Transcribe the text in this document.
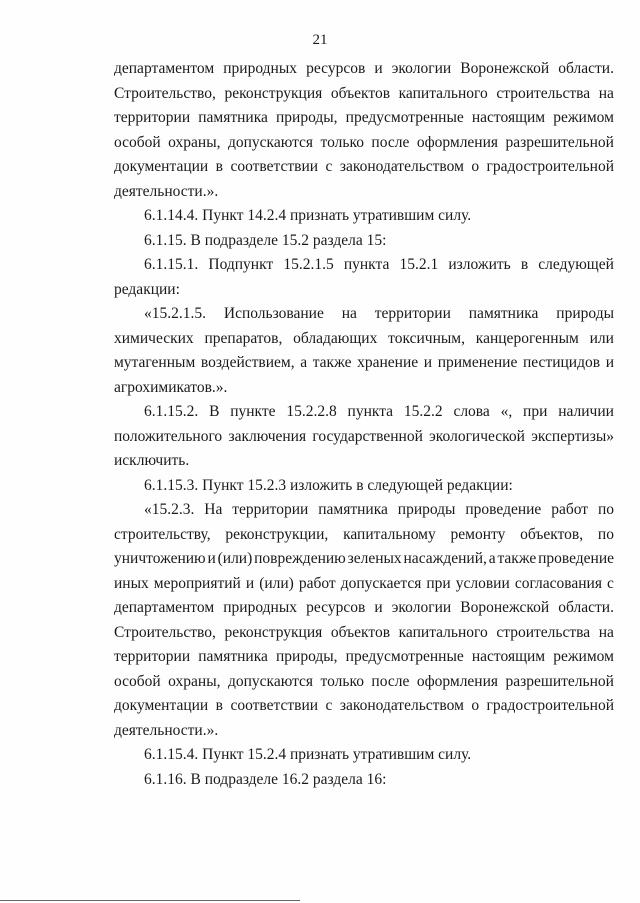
21
департаментом природных ресурсов и экологии Воронежской области.
Строительство, реконструкция объектов капитального строительства на
территории памятника природы, предусмотренные настоящим режимом
особой охраны, допускаются только после оформления разрешительной
документации в соответствии с законодательством о градостроительной
деятельности.».
6.1.14.4. Пункт 14.2.4 признать утратившим силу.
6.1.15. В подразделе 15.2 раздела 15:
6.1.15.1. Подпункт 15.2.1.5 пункта 15.2.1 изложить в следующей
редакции:
«15.2.1.5. Использование на территории памятника природы
химических препаратов, обладающих токсичным, канцерогенным или
мутагенным воздействием, а также хранение и применение пестицидов и
агрохимикатов.».
6.1.15.2. В пункте 15.2.2.8 пункта 15.2.2 слова «, при наличии
положительного заключения государственной экологической экспертизы»
исключить.
6.1.15.3. Пункт 15.2.3 изложить в следующей редакции:
«15.2.3. На территории памятника природы проведение работ по
строительству, реконструкции, капитальному ремонту объектов, по
уничтожению и (или) повреждению зеленых насаждений, а также проведение
иных мероприятий и (или) работ допускается при условии согласования с
департаментом природных ресурсов и экологии Воронежской области.
Строительство, реконструкция объектов капитального строительства на
территории памятника природы, предусмотренные настоящим режимом
особой охраны, допускаются только после оформления разрешительной
документации в соответствии с законодательством о градостроительной
деятельности.».
6.1.15.4. Пункт 15.2.4 признать утратившим силу.
6.1.16. В подразделе 16.2 раздела 16:
